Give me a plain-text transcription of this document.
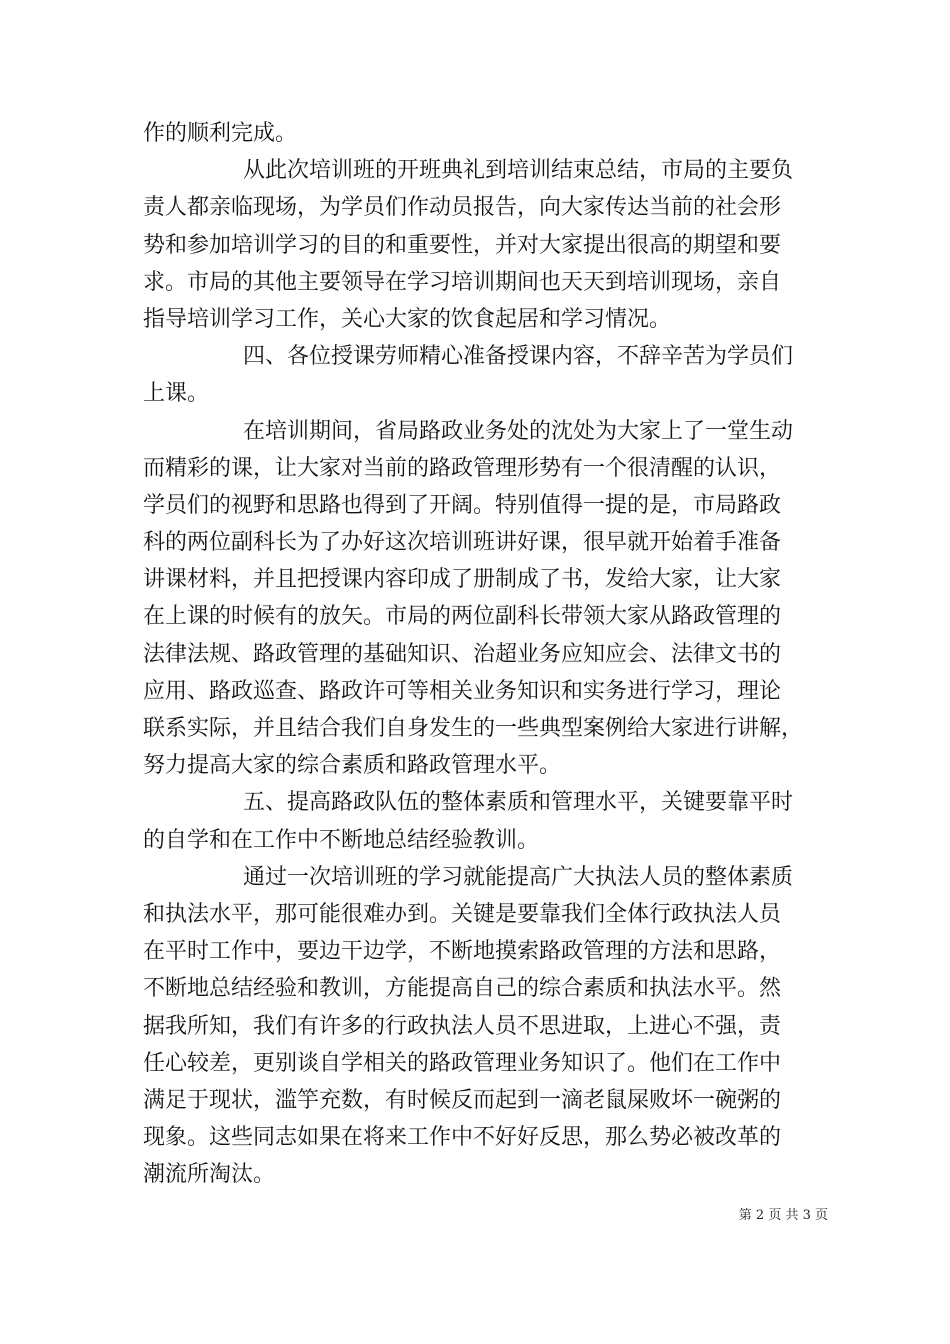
作的顺利完成。
从此次培训班的开班典礼到培训结束总结，市局的主要负
责人都亲临现场，为学员们作动员报告，向大家传达当前的社会形
势和参加培训学习的目的和重要性，并对大家提出很高的期望和要
求。市局的其他主要领导在学习培训期间也天天到培训现场，亲自
指导培训学习工作，关心大家的饮食起居和学习情况。
四、各位授课劳师精心准备授课内容，不辞辛苦为学员们
上课。
在培训期间，省局路政业务处的沈处为大家上了一堂生动
而精彩的课，让大家对当前的路政管理形势有一个很清醒的认识，
学员们的视野和思路也得到了开阔。特别值得一提的是，市局路政
科的两位副科长为了办好这次培训班讲好课，很早就开始着手准备
讲课材料，并且把授课内容印成了册制成了书，发给大家，让大家
在上课的时候有的放矢。市局的两位副科长带领大家从路政管理的
法律法规、路政管理的基础知识、治超业务应知应会、法律文书的
应用、路政巡查、路政许可等相关业务知识和实务进行学习，理论
联系实际，并且结合我们自身发生的一些典型案例给大家进行讲解，
努力提高大家的综合素质和路政管理水平。
五、提高路政队伍的整体素质和管理水平，关键要靠平时
的自学和在工作中不断地总结经验教训。
通过一次培训班的学习就能提高广大执法人员的整体素质
和执法水平，那可能很难办到。关键是要靠我们全体行政执法人员
在平时工作中，要边干边学，不断地摸索路政管理的方法和思路，
不断地总结经验和教训，方能提高自己的综合素质和执法水平。然
据我所知，我们有许多的行政执法人员不思进取，上进心不强，责
任心较差，更别谈自学相关的路政管理业务知识了。他们在工作中
满足于现状，滥竽充数，有时候反而起到一滴老鼠屎败坏一碗粥的
现象。这些同志如果在将来工作中不好好反思，那么势必被改革的
潮流所淘汰。
第 2 页 共 3 页
